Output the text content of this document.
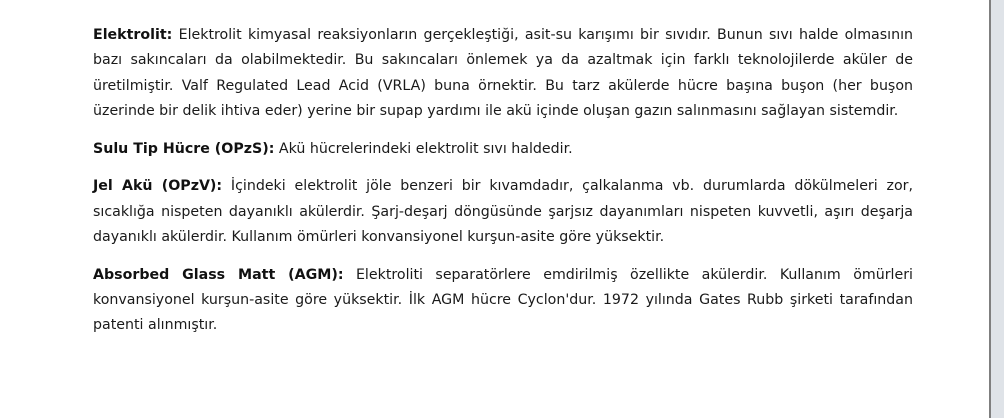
Elektrolit: Elektrolit kimyasal reaksiyonların gerçekleştiği, asit-su karışımı bir sıvıdır. Bunun sıvı halde olmasının bazı sakıncaları da olabilmektedir. Bu sakıncaları önlemek ya da azaltmak için farklı teknolojilerde aküler de üretilmiştir. Valf Regulated Lead Acid (VRLA) buna örnektir. Bu tarz akülerde hücre başına buşon (her buşon üzerinde bir delik ihtiva eder) yerine bir supap yardımı ile akü içinde oluşan gazın salınmasını sağlayan sistemdir.

Sulu Tip Hücre (OPzS): Akü hücrelerindeki elektrolit sıvı haldedir.

Jel Akü (OPzV): İçindeki elektrolit jöle benzeri bir kıvamdadır, çalkalanma vb. durumlarda dökülmeleri zor, sıcaklığa nispeten dayanıklı akülerdir. Şarj-deşarj döngüsünde şarjsız dayanımları nispeten kuvvetli, aşırı deşarja dayanıklı akülerdir. Kullanım ömürleri konvansiyonel kurşun-asite göre yüksektir.

Absorbed Glass Matt (AGM): Elektroliti separatörlere emdirilmiş özellikte akülerdir. Kullanım ömürleri konvansiyonel kurşun-asite göre yüksektir. İlk AGM hücre Cyclon'dur. 1972 yılında Gates Rubb şirketi tarafından patenti alınmıştır.
